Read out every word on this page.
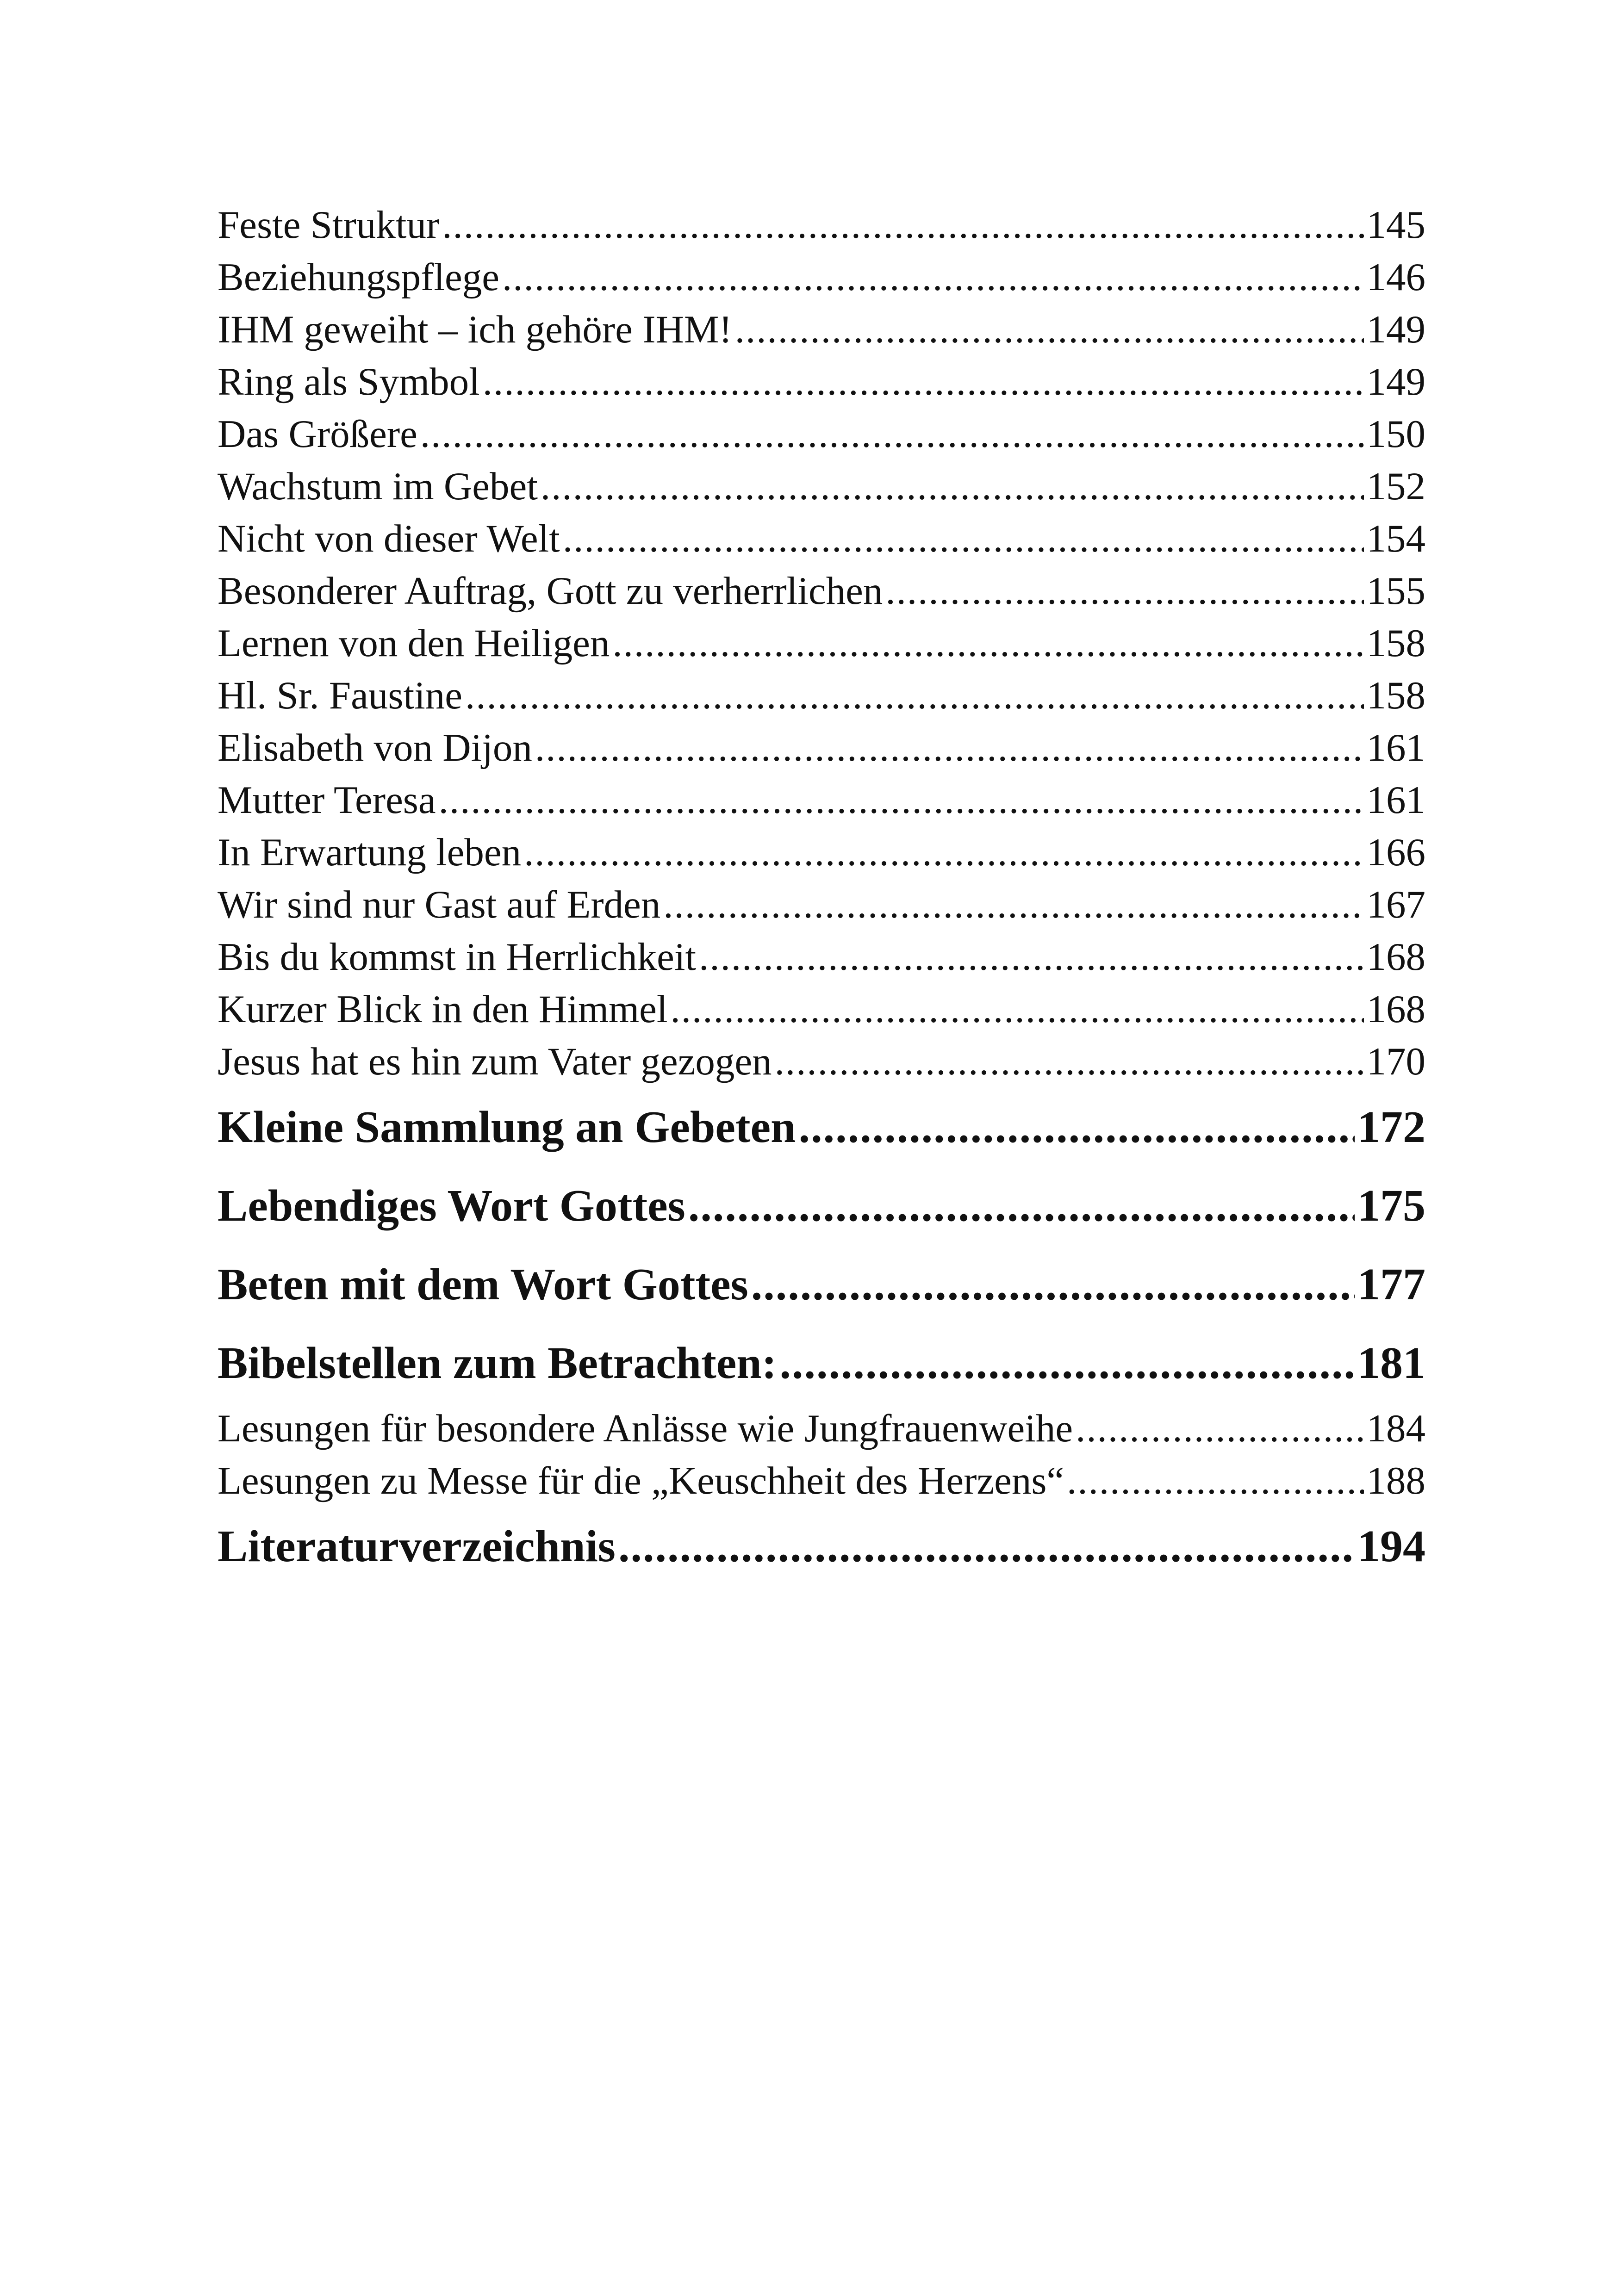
Feste Struktur .....	145
Beziehungspflege .....	146
IHM geweiht – ich gehöre IHM! .....	149
Ring als Symbol .....	149
Das Größere .....	150
Wachstum im Gebet .....	152
Nicht von dieser Welt .....	154
Besonderer Auftrag, Gott zu verherrlichen .....	155
Lernen von den Heiligen .....	158
Hl. Sr. Faustine .....	158
Elisabeth von Dijon .....	161
Mutter Teresa .....	161
In Erwartung leben .....	166
Wir sind nur Gast auf Erden .....	167
Bis du kommst in Herrlichkeit .....	168
Kurzer Blick in den Himmel .....	168
Jesus hat es hin zum Vater gezogen .....	170
Kleine Sammlung an Gebeten .....	172
Lebendiges Wort Gottes .....	175
Beten mit dem Wort Gottes .....	177
Bibelstellen zum Betrachten: .....	181
Lesungen für besondere Anlässe wie Jungfrauenweihe .....	184
Lesungen zu Messe für die „Keuschheit des Herzens“ .....	188
Literaturverzeichnis .....	194
